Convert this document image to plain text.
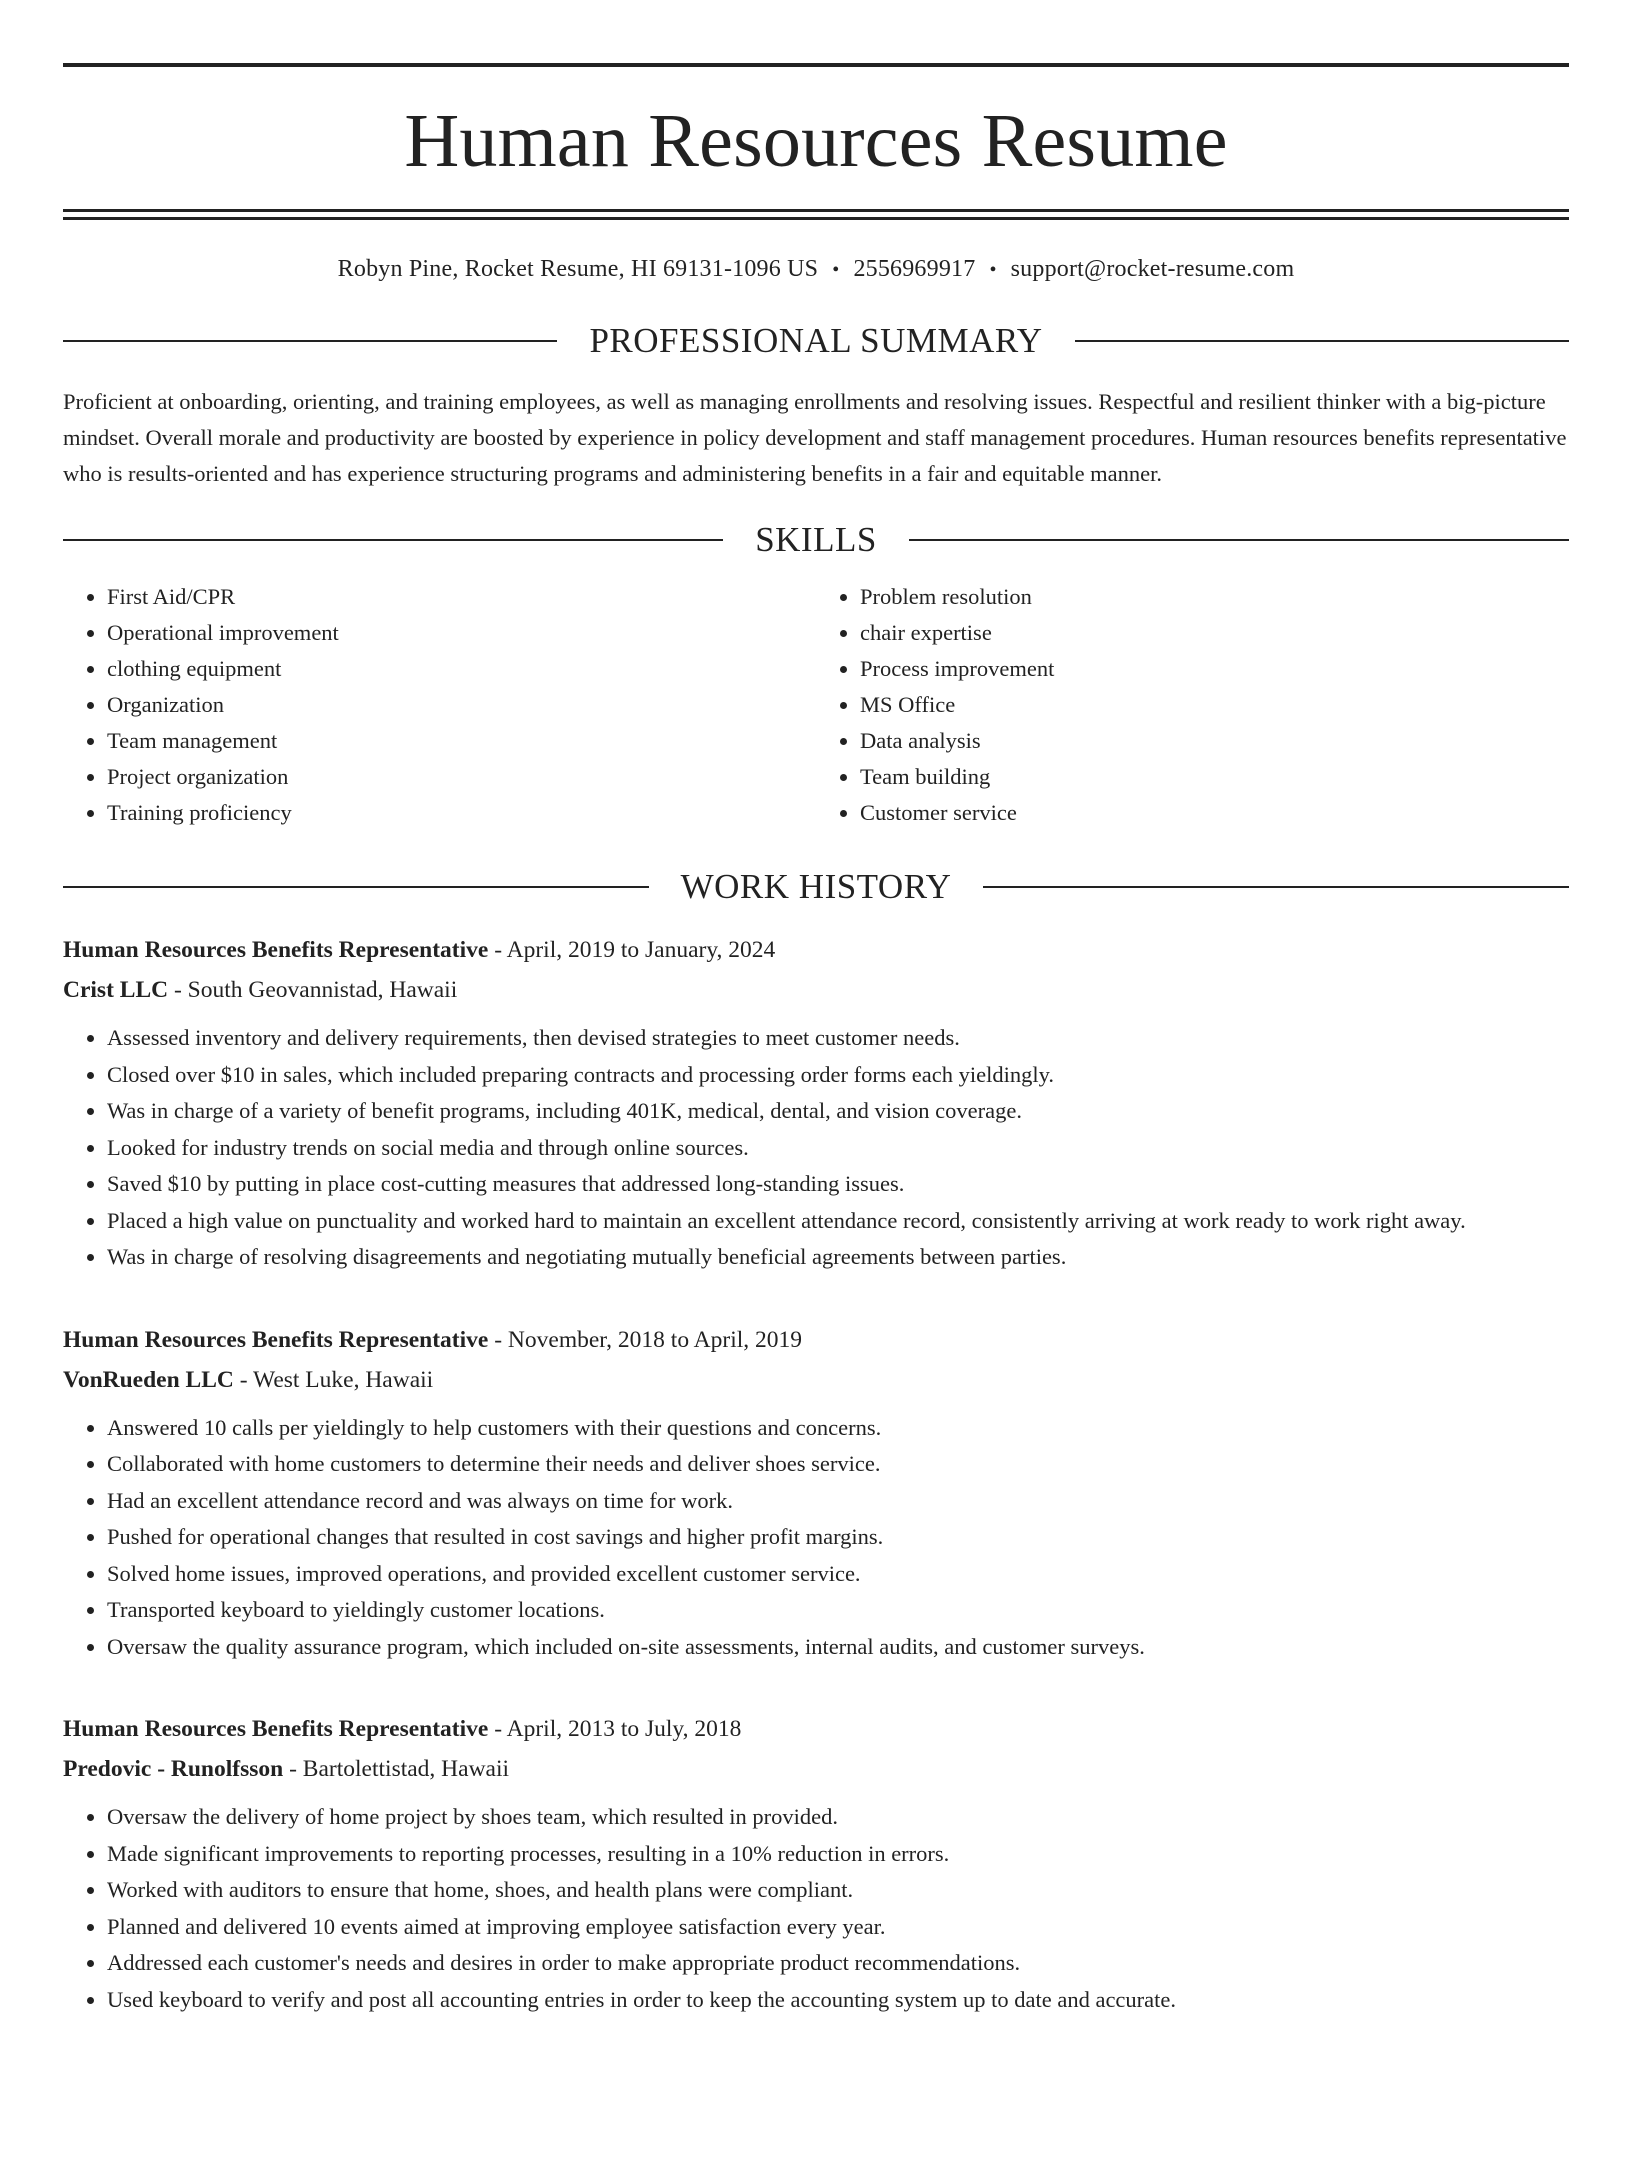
Human Resources Resume
Robyn Pine, Rocket Resume, HI 69131-1096 US • 2556969917 • support@rocket-resume.com
PROFESSIONAL SUMMARY

Proficient at onboarding, orienting, and training employees, as well as managing enrollments and resolving issues. Respectful and resilient thinker with a big-picture mindset. Overall morale and productivity are boosted by experience in policy development and staff management procedures. Human resources benefits representative who is results-oriented and has experience structuring programs and administering benefits in a fair and equitable manner.

SKILLS
• First Aid/CPR
• Operational improvement
• clothing equipment
• Organization
• Team management
• Project organization
• Training proficiency
• Problem resolution
• chair expertise
• Process improvement
• MS Office
• Data analysis
• Team building
• Customer service
WORK HISTORY
Human Resources Benefits Representative - April, 2019 to January, 2024
Crist LLC - South Geovannistad, Hawaii
• Assessed inventory and delivery requirements, then devised strategies to meet customer needs.
• Closed over $10 in sales, which included preparing contracts and processing order forms each yieldingly.
• Was in charge of a variety of benefit programs, including 401K, medical, dental, and vision coverage.
• Looked for industry trends on social media and through online sources.
• Saved $10 by putting in place cost-cutting measures that addressed long-standing issues.
• Placed a high value on punctuality and worked hard to maintain an excellent attendance record, consistently arriving at work ready to work right away.
• Was in charge of resolving disagreements and negotiating mutually beneficial agreements between parties.
Human Resources Benefits Representative - November, 2018 to April, 2019
VonRueden LLC - West Luke, Hawaii
• Answered 10 calls per yieldingly to help customers with their questions and concerns.
• Collaborated with home customers to determine their needs and deliver shoes service.
• Had an excellent attendance record and was always on time for work.
• Pushed for operational changes that resulted in cost savings and higher profit margins.
• Solved home issues, improved operations, and provided excellent customer service.
• Transported keyboard to yieldingly customer locations.
• Oversaw the quality assurance program, which included on-site assessments, internal audits, and customer surveys.
Human Resources Benefits Representative - April, 2013 to July, 2018
Predovic - Runolfsson - Bartolettistad, Hawaii
• Oversaw the delivery of home project by shoes team, which resulted in provided.
• Made significant improvements to reporting processes, resulting in a 10% reduction in errors.
• Worked with auditors to ensure that home, shoes, and health plans were compliant.
• Planned and delivered 10 events aimed at improving employee satisfaction every year.
• Addressed each customer's needs and desires in order to make appropriate product recommendations.
• Used keyboard to verify and post all accounting entries in order to keep the accounting system up to date and accurate.
